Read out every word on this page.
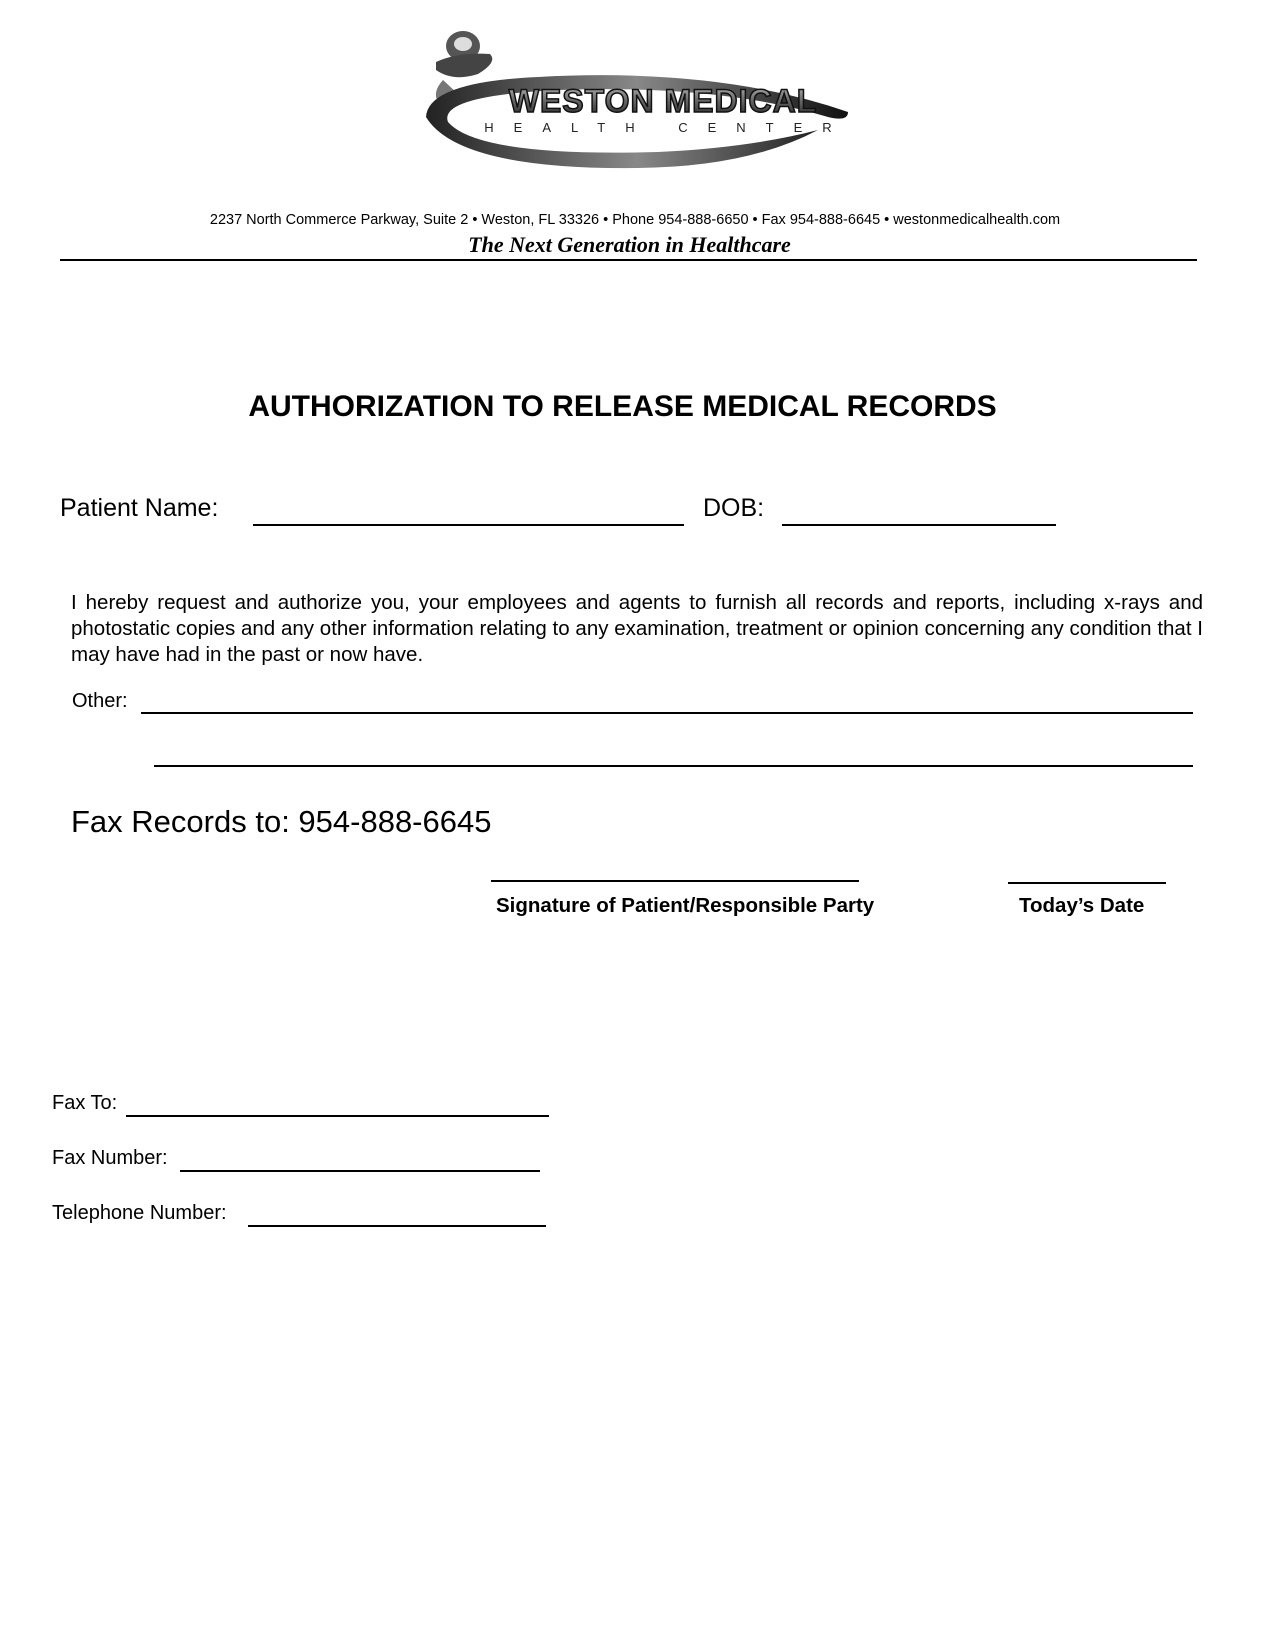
WESTON MEDICAL
HEALTH CENTER
2237 North Commerce Parkway, Suite 2 • Weston, FL 33326 • Phone 954-888-6650 • Fax 954-888-6645 • westonmedicalhealth.com
The Next Generation in Healthcare
AUTHORIZATION TO RELEASE MEDICAL RECORDS
Patient Name:	DOB:
I hereby request and authorize you, your employees and agents to furnish all records and reports, including x-rays and photostatic copies and any other information relating to any examination, treatment or opinion concerning any condition that I may have had in the past or now have.
Other:
Fax Records to: 954-888-6645
Signature of Patient/Responsible Party	Today’s Date
Fax To:
Fax Number:
Telephone Number:
